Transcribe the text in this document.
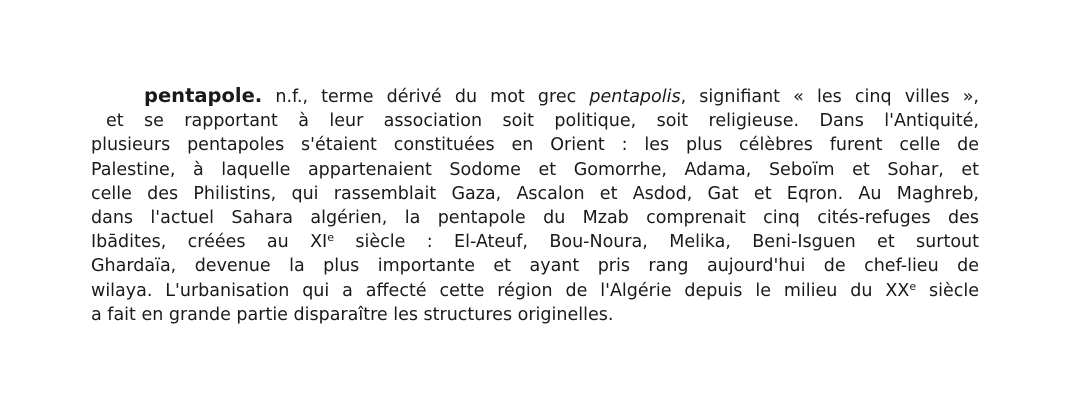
pentapole. n.f., terme dérivé du mot grec pentapolis, signifiant « les cinq villes »,
et se rapportant à leur association soit politique, soit religieuse. Dans l'Antiquité,
plusieurs pentapoles s'étaient constituées en Orient : les plus célèbres furent celle de
Palestine, à laquelle appartenaient Sodome et Gomorrhe, Adama, Seboïm et Sohar, et
celle des Philistins, qui rassemblait Gaza, Ascalon et Asdod, Gat et Eqron. Au Maghreb,
dans l'actuel Sahara algérien, la pentapole du Mzab comprenait cinq cités-refuges des
Ibādites, créées au XIe siècle : El-Ateuf, Bou-Noura, Melika, Beni-Isguen et surtout
Ghardaïa, devenue la plus importante et ayant pris rang aujourd'hui de chef-lieu de
wilaya. L'urbanisation qui a affecté cette région de l'Algérie depuis le milieu du XXe siècle
a fait en grande partie disparaître les structures originelles.
